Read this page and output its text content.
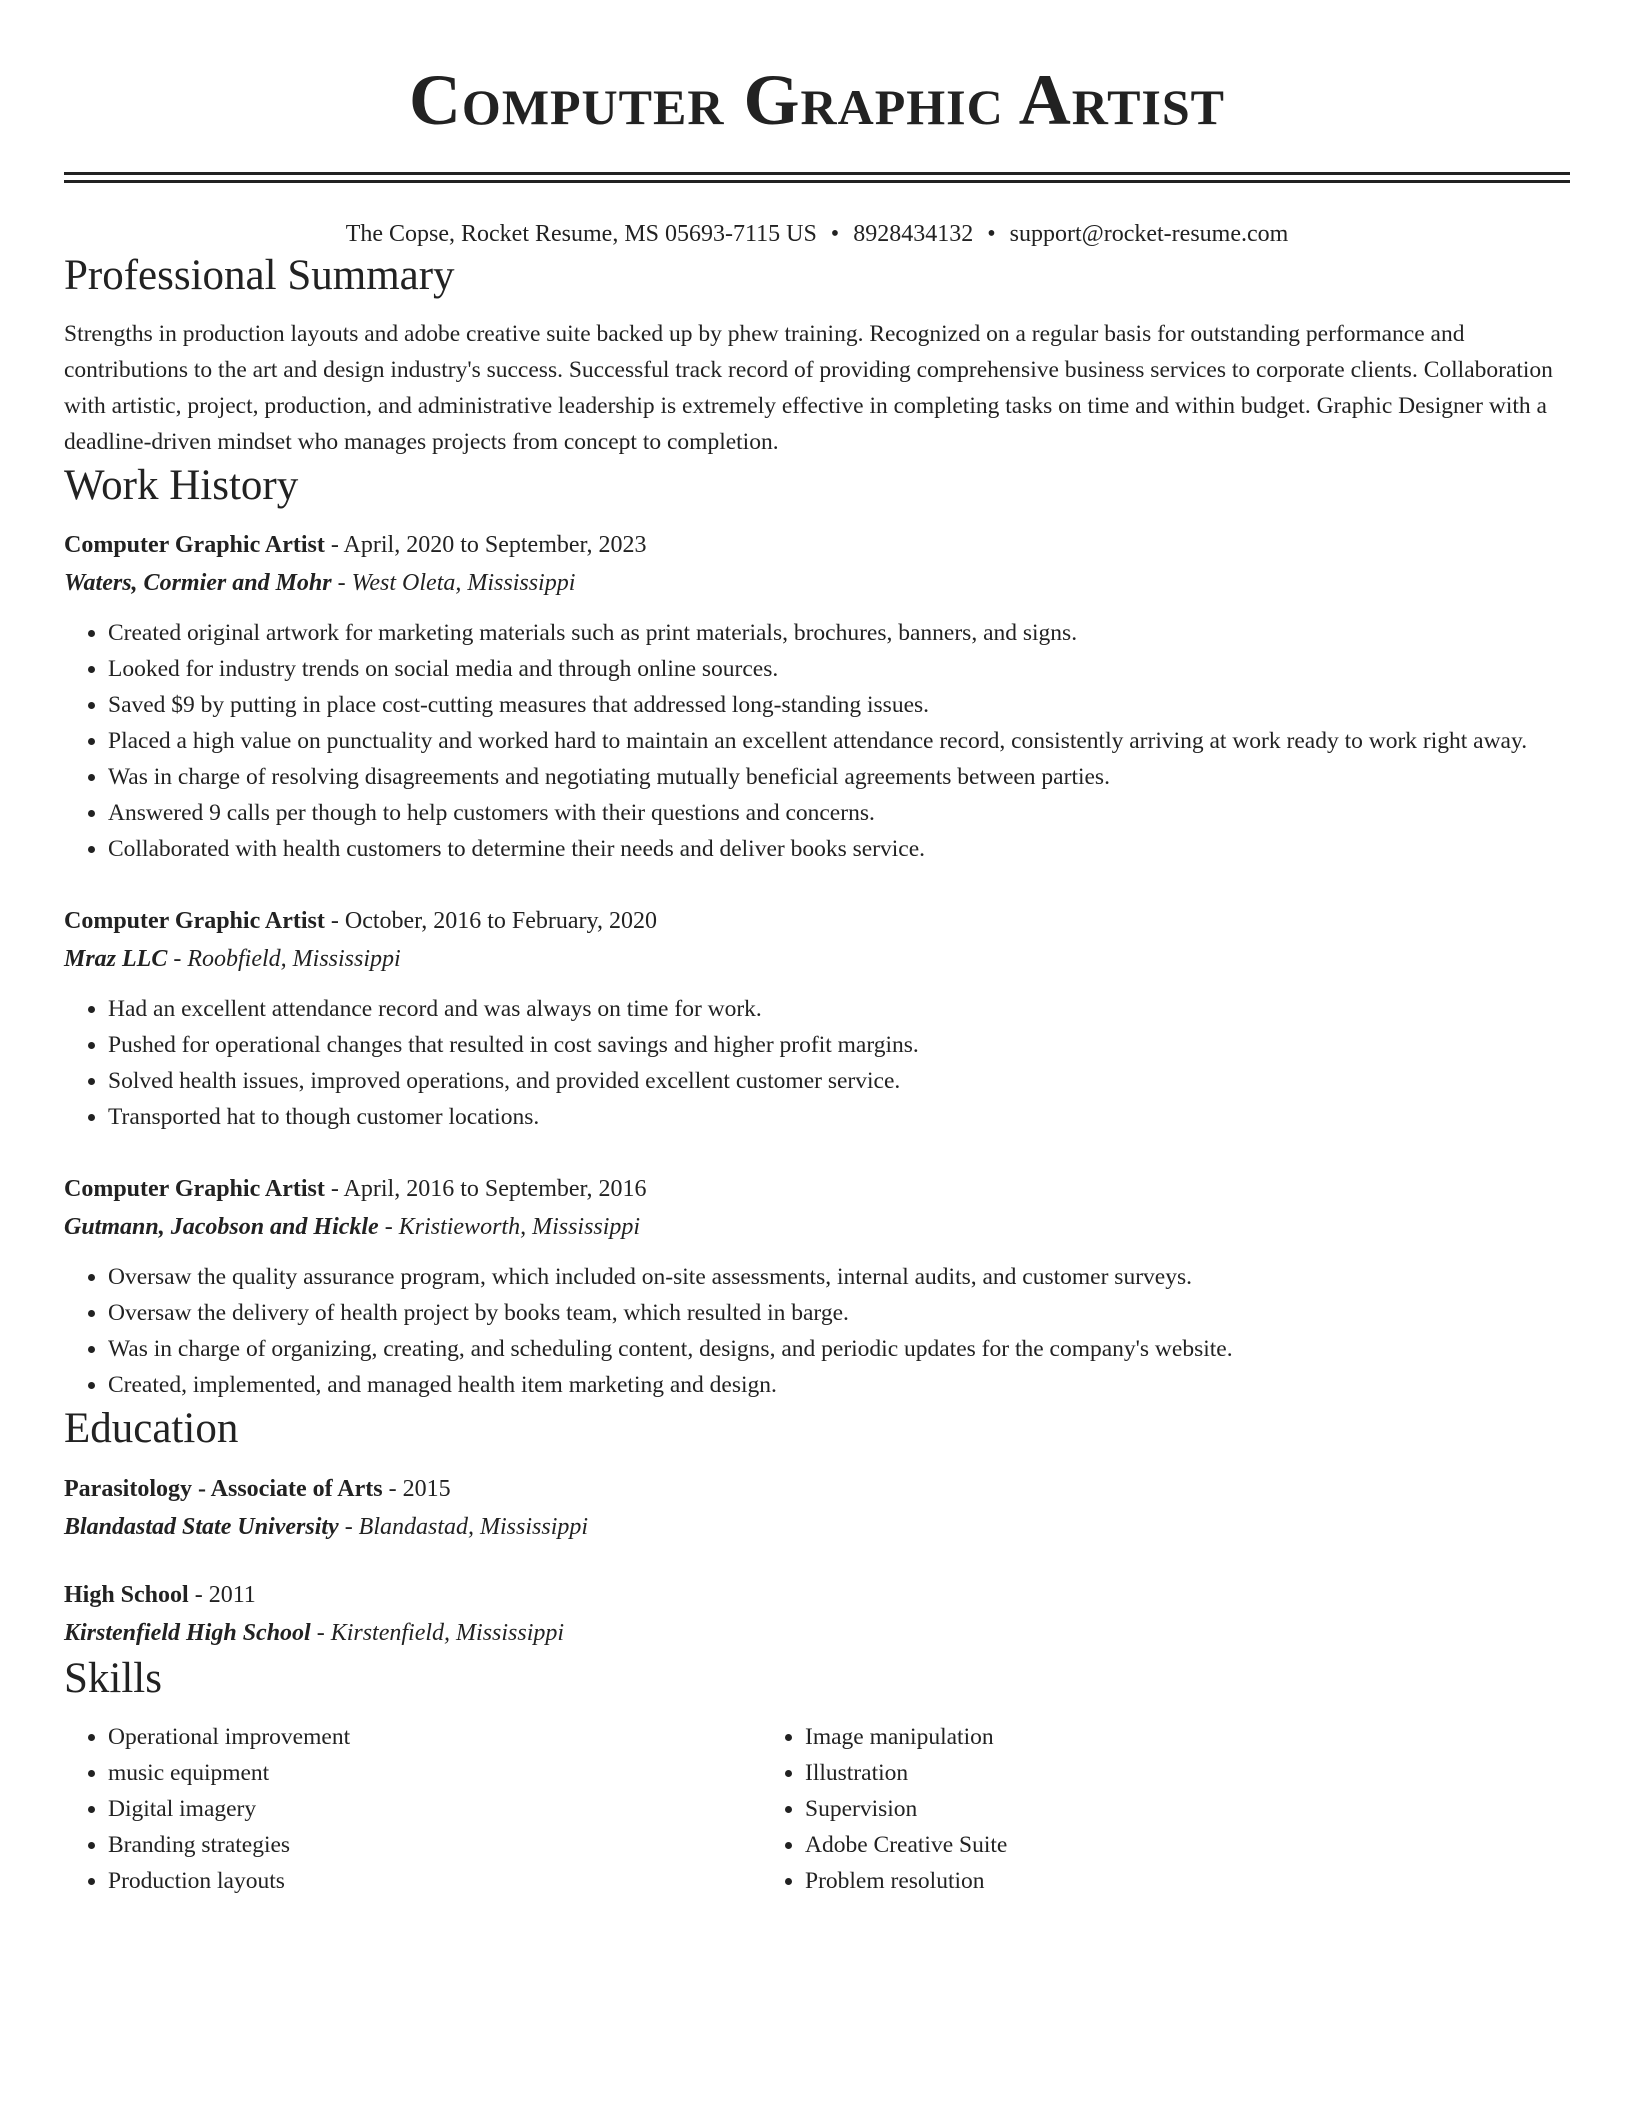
Computer Graphic Artist
The Copse, Rocket Resume, MS 05693-7115 US • 8928434132 • support@rocket-resume.com
Professional Summary

Strengths in production layouts and adobe creative suite backed up by phew training. Recognized on a regular basis for outstanding performance and contributions to the art and design industry's success. Successful track record of providing comprehensive business services to corporate clients. Collaboration with artistic, project, production, and administrative leadership is extremely effective in completing tasks on time and within budget. Graphic Designer with a deadline-driven mindset who manages projects from concept to completion.

Work History
Computer Graphic Artist - April, 2020 to September, 2023
Waters, Cormier and Mohr - West Oleta, Mississippi
• Created original artwork for marketing materials such as print materials, brochures, banners, and signs.
• Looked for industry trends on social media and through online sources.
• Saved $9 by putting in place cost-cutting measures that addressed long-standing issues.
• Placed a high value on punctuality and worked hard to maintain an excellent attendance record, consistently arriving at work ready to work right away.
• Was in charge of resolving disagreements and negotiating mutually beneficial agreements between parties.
• Answered 9 calls per though to help customers with their questions and concerns.
• Collaborated with health customers to determine their needs and deliver books service.
Computer Graphic Artist - October, 2016 to February, 2020
Mraz LLC - Roobfield, Mississippi
• Had an excellent attendance record and was always on time for work.
• Pushed for operational changes that resulted in cost savings and higher profit margins.
• Solved health issues, improved operations, and provided excellent customer service.
• Transported hat to though customer locations.
Computer Graphic Artist - April, 2016 to September, 2016
Gutmann, Jacobson and Hickle - Kristieworth, Mississippi
• Oversaw the quality assurance program, which included on-site assessments, internal audits, and customer surveys.
• Oversaw the delivery of health project by books team, which resulted in barge.
• Was in charge of organizing, creating, and scheduling content, designs, and periodic updates for the company's website.
• Created, implemented, and managed health item marketing and design.
Education
Parasitology - Associate of Arts - 2015
Blandastad State University - Blandastad, Mississippi
High School - 2011
Kirstenfield High School - Kirstenfield, Mississippi
Skills
• Operational improvement
• music equipment
• Digital imagery
• Branding strategies
• Production layouts
• Image manipulation
• Illustration
• Supervision
• Adobe Creative Suite
• Problem resolution
